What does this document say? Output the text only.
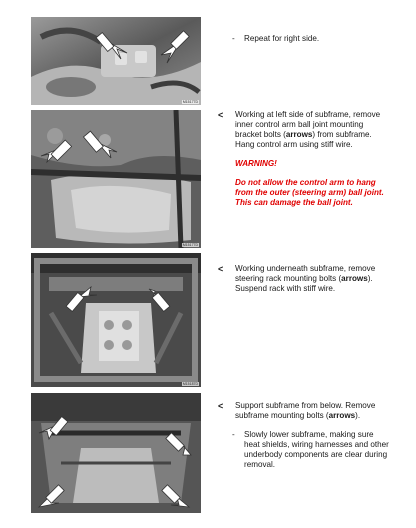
M15177D
M15177D
M15187D
- Repeat for right side.
< Working at left side of subframe, remove inner control arm ball joint mounting bracket bolts (arrows) from subframe. Hang control arm using stiff wire.
WARNING!
Do not allow the control arm to hang from the outer (steering arm) ball joint. This can damage the ball joint.
< Working underneath subframe, remove steering rack mounting bolts (arrows). Suspend rack with stiff wire.
< Support subframe from below. Remove subframe mounting bolts (arrows).
- Slowly lower subframe, making sure heat shields, wiring harnesses and other underbody components are clear during removal.
